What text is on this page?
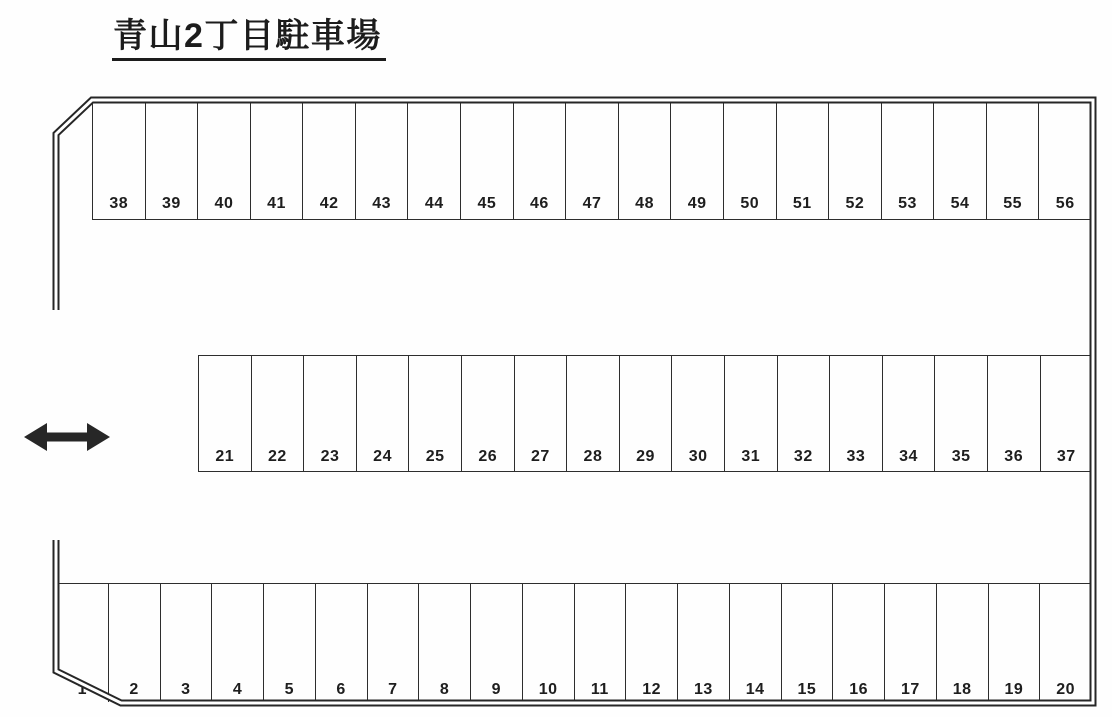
青山2丁目駐車場
38	39	40	41	42	43	44	45	46	47	48	49	50	51	52	53	54	55	56
21	22	23	24	25	26	27	28	29	30	31	32	33	34	35	36	37
1	2	3	4	5	6	7	8	9	10	11	12	13	14	15	16	17	18	19	20
